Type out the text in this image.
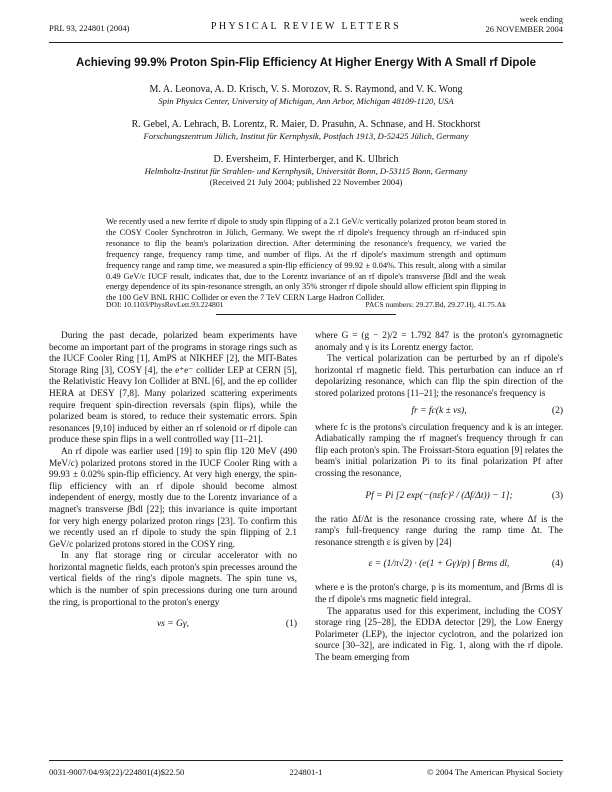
PRL 93, 224801 (2004)	PHYSICAL REVIEW LETTERS
week ending
26 NOVEMBER 2004
Achieving 99.9% Proton Spin-Flip Efficiency At Higher Energy With A Small rf Dipole
M. A. Leonova, A. D. Krisch, V. S. Morozov, R. S. Raymond, and V. K. Wong
Spin Physics Center, University of Michigan, Ann Arbor, Michigan 48109-1120, USA
R. Gebel, A. Lehrach, B. Lorentz, R. Maier, D. Prasuhn, A. Schnase, and H. Stockhorst
Forschungszentrum Jülich, Institut für Kernphysik, Postfach 1913, D-52425 Jülich, Germany
D. Eversheim, F. Hinterberger, and K. Ulbrich
Helmholtz-Institut für Strahlen- und Kernphysik, Universität Bonn, D-53115 Bonn, Germany
(Received 21 July 2004; published 22 November 2004)
We recently used a new ferrite rf dipole to study spin flipping of a 2.1 GeV/c vertically polarized proton beam stored in the COSY Cooler Synchrotron in Jülich, Germany. We swept the rf dipole's frequency through an rf-induced spin resonance to flip the beam's polarization direction. After determining the resonance's frequency, we varied the frequency range, frequency ramp time, and number of flips. At the rf dipole's maximum strength and optimum frequency range and ramp time, we measured a spin-flip efficiency of 99.92 ± 0.04%. This result, along with a similar 0.49 GeV/c IUCF result, indicates that, due to the Lorentz invariance of an rf dipole's transverse ∫Bdl and the weak energy dependence of its spin-resonance strength, an only 35% stronger rf dipole should allow efficient spin flipping in the 100 GeV BNL RHIC Collider or even the 7 TeV CERN Large Hadron Collider.
DOI: 10.1103/PhysRevLett.93.224801	PACS numbers: 29.27.Bd, 29.27.Hj, 41.75.Ak

During the past decade, polarized beam experiments have become an important part of the programs in storage rings such as the IUCF Cooler Ring [1], AmPS at NIKHEF [2], the MIT-Bates Storage Ring [3], COSY [4], the e⁺e⁻ collider LEP at CERN [5], the Relativistic Heavy Ion Collider at BNL [6], and the ep collider HERA at DESY [7,8]. Many polarized scattering experiments require frequent spin-direction reversals (spin flips), while the polarized beam is stored, to reduce their systematic errors. Spin resonances [9,10] induced by either an rf solenoid or rf dipole can produce these spin flips in a well controlled way [11–21].

An rf dipole was earlier used [19] to spin flip 120 MeV (490 MeV/c) polarized protons stored in the IUCF Cooler Ring with a 99.93 ± 0.02% spin-flip efficiency. At very high energy, the spin-flip efficiency with an rf dipole should become almost independent of energy, mostly due to the Lorentz invariance of a magnet's transverse ∫Bdl [22]; this invariance is quite important for very high energy polarized proton rings [23]. To confirm this we recently used an rf dipole to study the spin flipping of 2.1 GeV/c polarized protons stored in the COSY ring.

In any flat storage ring or circular accelerator with no horizontal magnetic fields, each proton's spin precesses around the vertical fields of the ring's dipole magnets. The spin tune νs, which is the number of spin precessions during one turn around the ring, is proportional to the proton's energy

νs = Gγ,	(1)

where G = (g − 2)/2 = 1.792 847 is the proton's gyromagnetic anomaly and γ is its Lorentz energy factor.

The vertical polarization can be perturbed by an rf dipole's horizontal rf magnetic field. This perturbation can induce an rf depolarizing resonance, which can flip the spin direction of the stored polarized protons [11–21]; the resonance's frequency is

fr = fc(k ± νs),	(2)

where fc is the protons's circulation frequency and k is an integer. Adiabatically ramping the rf magnet's frequency through fr can flip each proton's spin. The Froissart-Stora equation [9] relates the beam's initial polarization Pi to its final polarization Pf after crossing the resonance,

Pf = Pi [2 exp(−(πεfc)² / (Δf/Δt)) − 1];	(3)

the ratio Δf/Δt is the resonance crossing rate, where Δf is the ramp's full-frequency range during the ramp time Δt. The resonance strength ε is given by [24]

ε = (1/π√2) · (e(1 + Gγ)/p) ∫ Brms dl,	(4)

where e is the proton's charge, p is its momentum, and ∫Brms dl is the rf dipole's rms magnetic field integral.

The apparatus used for this experiment, including the COSY storage ring [25–28], the EDDA detector [29], the Low Energy Polarimeter (LEP), the injector cyclotron, and the polarized ion source [30–32], are indicated in Fig. 1, along with the rf dipole. The beam emerging from

0031-9007/04/93(22)/224801(4)$22.50	224801-1	© 2004 The American Physical Society
